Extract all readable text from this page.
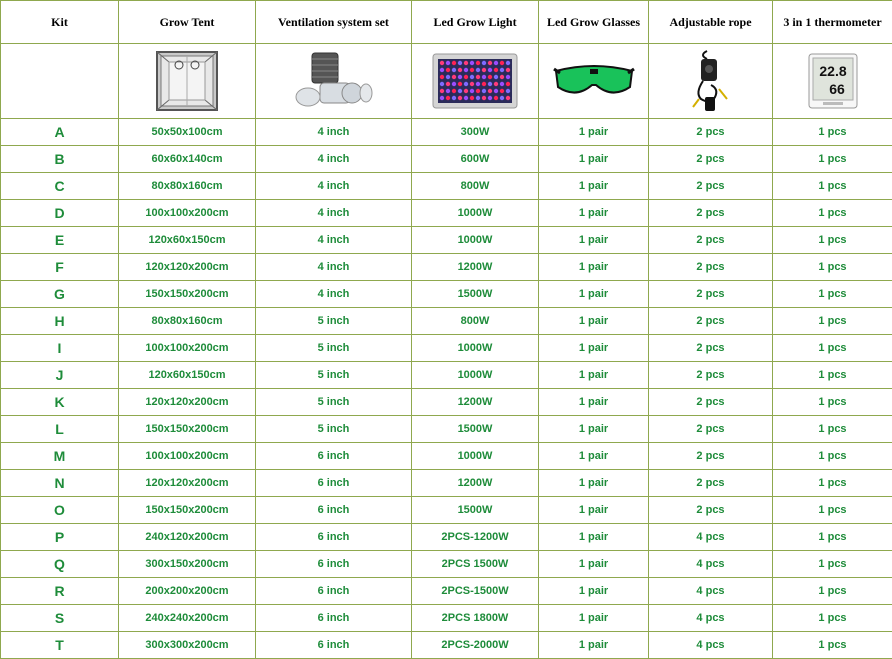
Kit	Grow Tent	Ventilation system set	Led Grow Light	Led Grow Glasses	Adjustable rope	3 in 1 thermometer

22.8
66

A	50x50x100cm	4 inch	300W	1 pair	2 pcs	1 pcs
B	60x60x140cm	4 inch	600W	1 pair	2 pcs	1 pcs
C	80x80x160cm	4 inch	800W	1 pair	2 pcs	1 pcs
D	100x100x200cm	4 inch	1000W	1 pair	2 pcs	1 pcs
E	120x60x150cm	4 inch	1000W	1 pair	2 pcs	1 pcs
F	120x120x200cm	4 inch	1200W	1 pair	2 pcs	1 pcs
G	150x150x200cm	4 inch	1500W	1 pair	2 pcs	1 pcs
H	80x80x160cm	5 inch	800W	1 pair	2 pcs	1 pcs
I	100x100x200cm	5 inch	1000W	1 pair	2 pcs	1 pcs
J	120x60x150cm	5 inch	1000W	1 pair	2 pcs	1 pcs
K	120x120x200cm	5 inch	1200W	1 pair	2 pcs	1 pcs
L	150x150x200cm	5 inch	1500W	1 pair	2 pcs	1 pcs
M	100x100x200cm	6 inch	1000W	1 pair	2 pcs	1 pcs
N	120x120x200cm	6 inch	1200W	1 pair	2 pcs	1 pcs
O	150x150x200cm	6 inch	1500W	1 pair	2 pcs	1 pcs
P	240x120x200cm	6 inch	2PCS-1200W	1 pair	4 pcs	1 pcs
Q	300x150x200cm	6 inch	2PCS 1500W	1 pair	4 pcs	1 pcs
R	200x200x200cm	6 inch	2PCS-1500W	1 pair	4 pcs	1 pcs
S	240x240x200cm	6 inch	2PCS 1800W	1 pair	4 pcs	1 pcs
T	300x300x200cm	6 inch	2PCS-2000W	1 pair	4 pcs	1 pcs
